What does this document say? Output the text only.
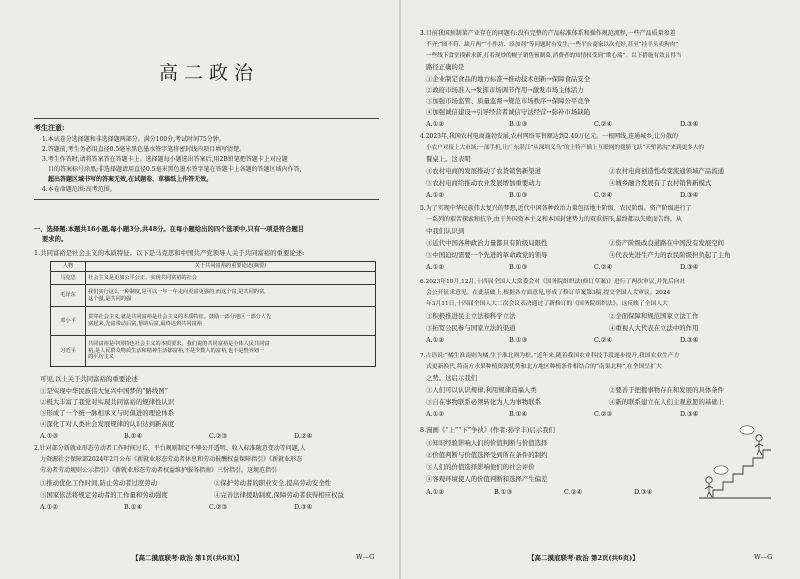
高二政治
考生注意:
1.本试卷分选择题和非选择题两部分。满分100分,考试时间75分钟。
2.答题前,考生务必用直径0.5毫米黑色墨水签字笔将密封线内项目填写清楚。
3.考生作答时,请将答案答在答题卡上。选择题每小题选出答案后,用2B铅笔把答题卡上对应题
目的答案标号涂黑;非选择题请用直径0.5毫米黑色墨水签字笔在答题卡上各题的答题区域内作答,
超出答题区域书写的答案无效,在试题卷、草稿纸上作答无效。
4.本卷命题范围:高考范围。
一、选择题:本题共16小题,每小题3分,共48分。在每小题给出的四个选项中,只有一项是符合题目
要求的。
1.共同富裕是社会主义的本质特征。以下是马克思和中国共产党领导人关于共同富裕的重要论述:
人物	关于共同富裕的重要论述(摘要)
马克思	社会主义是更加公平公正、实现共同富裕的社会

毛泽东	我们实行这么一种制度,是可以一年一年走向更富更强的,而这个富,是共同的富,
这个强,是共同的强

邓小平	贯穿社会主义,就是共同富裕是社会主义的本质特征。鼓励一部分地区一部分人先
富起来,先富带动后富,帮助后富,最终达到共同富裕

习近平	共同富裕是中国特色社会主义的本质要求。我们说的共同富裕是全体人民共同富
裕,是人民群众物质生活和精神生活都富裕,不是少数人的富裕,也不是整齐划一
的平均主义
可见,以上关于共同富裕的重要论述
①是实现中华民族伟大复兴中国梦的“路线图”
②极大丰富了我党对实现共同富裕的规律性认识
③形成了一个统一脉相承又与时俱进的理论体系
④深化了对人类社会发展规律的认识达到新高度
A.①③	B.①④	C.②③	D.②④
2.针对部分新就业形态劳动者工作时间过长、平台规则制定不够公开透明、收入标准随意变动等问题,人
力资源社会保障部2024年2月公布《新就业形态劳动者休息和劳动报酬权益保障指引》《新就业形态
劳动者劳动规则公示指引》《新就业形态劳动者权益维护服务指南》三份指引。这规范指引
①推动优化工作时间,防止劳动者过度劳动	②保护劳动者的职业安全,提高劳动安全性
③国家依法将规定劳动者的工作量和劳动强度	④完善法律援助制度,保障劳动者获得相应权益
A.①②	B.①④	C.②③	D.③④
【高二摸底联考·政治 第1页(共6页)】	W—G
3.目前我国预制菜产业存在的问题有:没有完整的产品标准体系和操作规范流程,一些产品质量参差
不齐;“图不符、缺斤两”“小作坊、添加剂”等问题时有发生;一些平台商家以次充好,甚至“挂羊头卖狗肉”
一些线下食堂摸索求新,打着现炒的幌子销售预制菜,消费者的知情权受到“欺心瑞”。以下措施有效且得当
路径正确的是
①企业制定食品的地方标准→推动技术创新→保障食品安全
②政府市场准入→发挥市场调节作用→激发市场主体活力
③加强市场监管、质量监督→规范市场秩序→保障公平竞争
④加强诚信建设→引导经营者诚信守法经营→弥补市场缺陷
A.①②	B.①③	C.②④	D.③④
4.2023年,我国农村电商蓬勃发展,农村网络零售额达到2.49万亿元。一根网线,连通城乡,让分散的
小农户对接上大市场;一部手机,让广东湛江“从深圳义乌”的上特产插上互联网的翅膀飞跃“天堑鸿沟”来到更多人的
餐桌上。这表明
①农村电商的发展推动了农货销售新渠道	②农村电商创造性改变流通领域产品流通
③农村电商给推动农业发展增加重要动力	④城乡融合发展有了农村销售新模式
A.①②	B.①③	C.②④	D.③④
5.为了实现中华民族伟大复兴的梦想,近代中国各种政治力量包括地主阶级、农民阶级、资产阶级进行了
一系列的艰苦探索和抗争,由于外国资本主义和本国封建势力的双重挤压,最终都以失败而告终。从
中我们认识到
①近代中国各种政治力量都具有阶级局限性	②资产阶级改良道路在中国没有发展空间
③中国迫切需要一个先进的革命政党的领导	④代表先进生产力的农民阶级担负起了主角
A.①②	B.①③	C.②④	D.③④
6.2023年10月,12月,十四届全国人大常委会对《国务院组织法(修订草案)》进行了两次审议,并先后向社
会公开征求意见。在此基础上,根据各方面意见,形成了修订草案第3稿,提交全国人大审议。2024
年3月11日,十四届全国人大二次会议表决通过了新修订的《国务院组织法》。这反映了全国人大
①积极推进民主立法和科学立法	②全面保障和规范国家立法工作
③拓宽公民参与国家立法的渠道	④重视人大代表在立法中的作用
A.①②	B.①③	C.②④	D.③④
7.古语说:“橘生淮南则为橘,生于淮北则为枳。”近年来,随着我国农业科技手段逐步提升,我国农业生产方
式更新换代,将南方水果种植资源优势和北方地区种植条件相结合的“南果北种”,在全国呈扩大
之势。这启示我们
①人们可以认识规律,利用规律造福人类	②要善于把握事物存在和发展的具体条件
③自在事物联系必须转化为人为事物联系	④新的联系建立在人们主观意愿的基础上
A.①②	B.①④	C.②③	D.③④
8.漫画《“上”“下”争执》(作者:孙学丰)启示我们
①知识经验影响人们的价值判断与价值选择
②价值判断与价值选择受到所在条件的制约
③人们的价值选择影响他们的社会评价
④客观环境使人的价值判断和选择产生偏差
A.①②	B.①③	C.②④	D.③④
【高二摸底联考·政治 第2页(共6页)】	W—G
